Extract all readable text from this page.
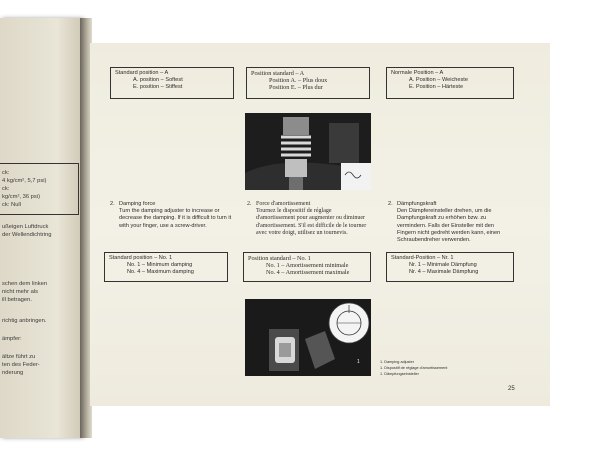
ck:
4 kg/cm², 5,7 psi)
ck:
kg/cm², 36 psi)
ck: Null
ußeigen Luftdruck
der Wellendichtring
schen dem linken
nicht mehr als
ill betragen.
richtig anbringen.
ämpfer:
ältze führt zu
ten des Feder-
nderung
Standard position – A
A. position – Softest
E. position – Stiffest
Position standard – A
Position A. – Plus doux
Position E. – Plus dur
Normale Position – A
A. Position – Weicheste
E. Position – Härteste
2. Damping force
Turn the damping adjuster to increase or decrease the damping. If it is difficult to turn it with your finger, use a screw-driver.
2. Force d'amortissement
Tournez le dispositif de réglage d'amortissement pour augmenter ou diminuer d'amortissement. S'il est difficile de le tourner avec votre doigt, utilisez un tournevis.
2. Dämpfungskraft
Den Dämpfereinsteller drehen, um die Dampfungskraft zu erhöhen bzw. zu vermindern. Falls der Einsteller mit den Fingern nicht gedreht werden kann, einen Schraubendreher verwenden.
Standard position – No. 1
No. 1 – Minimum damping
No. 4 – Maximum damping
Position standard – No. 1
No. 1 – Amortissement minimale
No. 4 – Amortissement maximale
Standard-Position – Nr. 1
Nr. 1 – Minimale Dämpfung
Nr. 4 – Maximale Dämpfung
1	1. Damping adjuster
1. Dispositif de réglage d'amortissement
1. Dämpfungseinsteller
25
